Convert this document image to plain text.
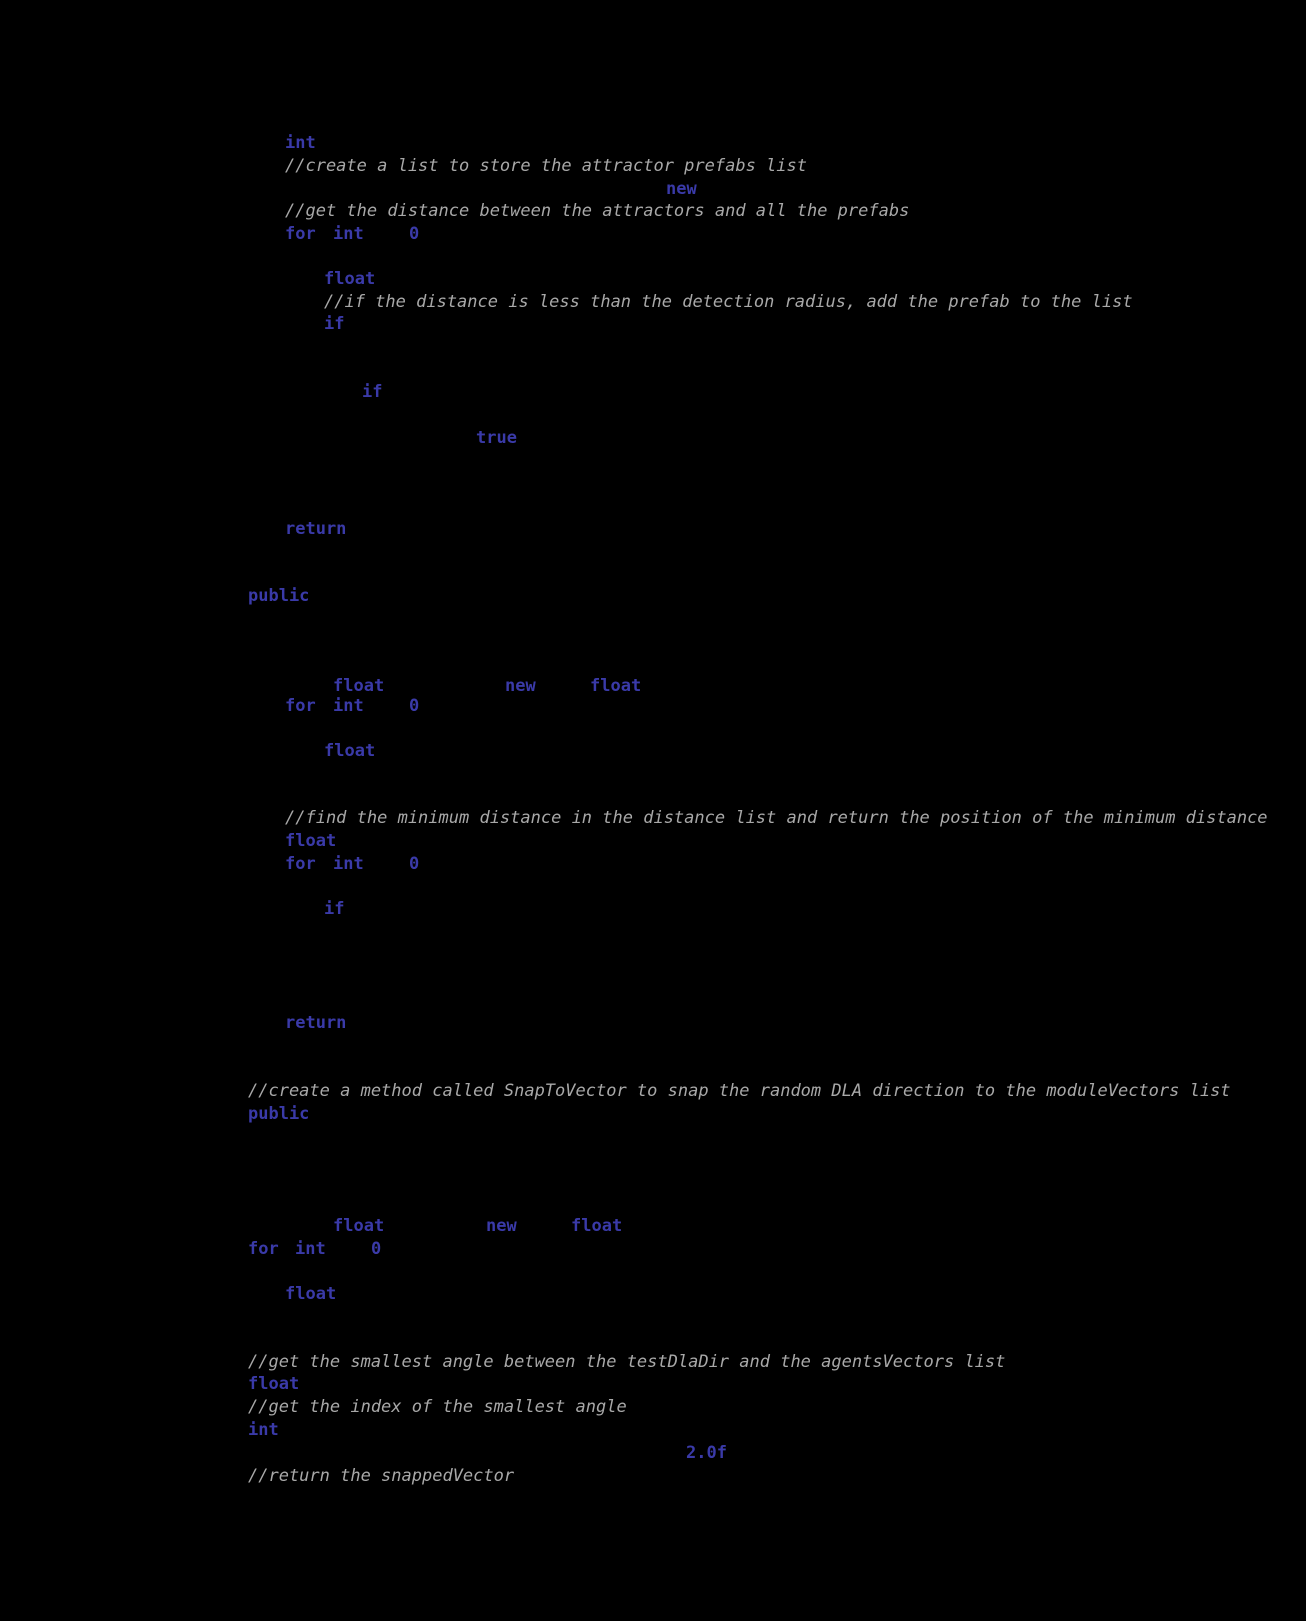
int
//create a list to store the attractor prefabs list
new
//get the distance between the attractors and all the prefabs
for int	0
float
//if the distance is less than the detection radius, add the prefab to the list
if
if
true
return
public
float	new	float
for int	0
float
//find the minimum distance in the distance list and return the position of the minimum distance
float
for int	0
if
return
//create a method called SnapToVector to snap the random DLA direction to the moduleVectors list
public
float	new	float
for int	0
float
//get the smallest angle between the testDlaDir and the agentsVectors list
float
//get the index of the smallest angle
int
2.0f
//return the snappedVector
